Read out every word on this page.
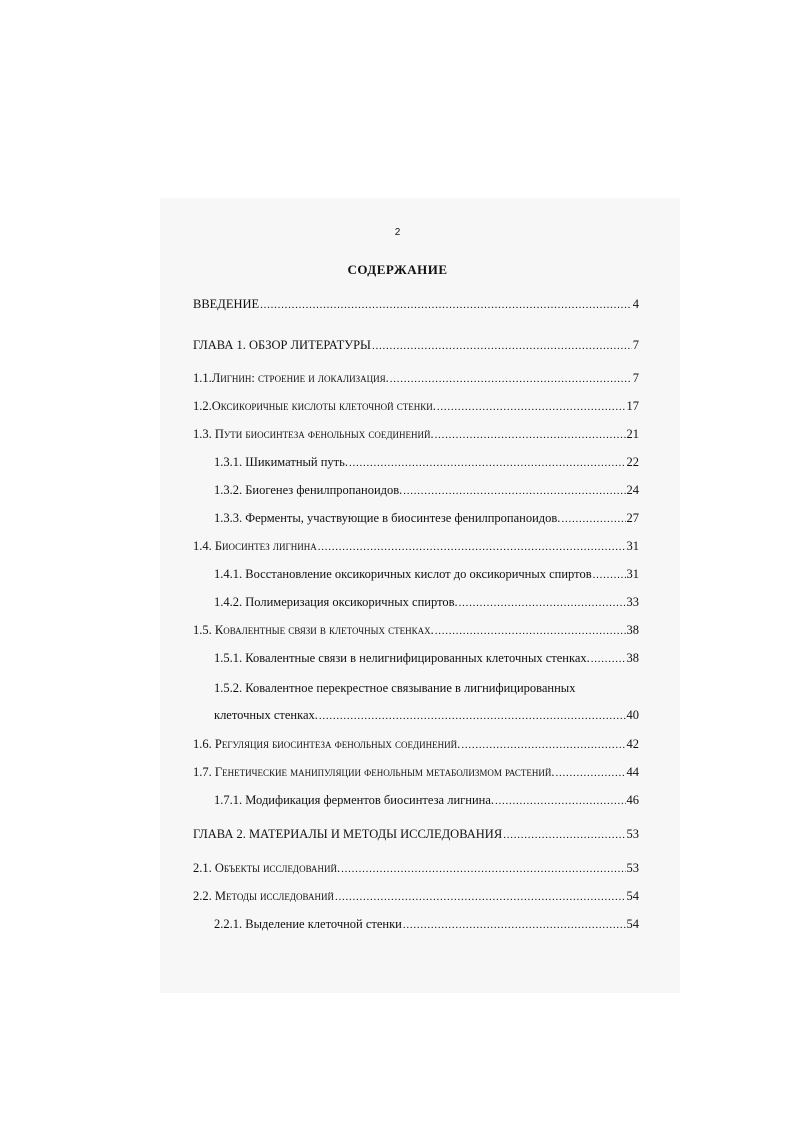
2
СОДЕРЖАНИЕ
ВВЕДЕНИЕ . . .	4
ГЛАВА 1. ОБЗОР ЛИТЕРАТУРЫ . . .	7
1.1.Лигнин: строение и локализация. . . .	7
1.2.Оксикоричные кислоты клеточной стенки. . . .	17
1.3. Пути биосинтеза фенольных соединений. . . .	21
1.3.1. Шикиматный путь. . . .	22
1.3.2. Биогенез фенилпропаноидов. . . .	24
1.3.3. Ферменты, участвующие в биосинтезе фенилпропаноидов. . . .	27
1.4. Биосинтез лигнина . . .	31
1.4.1. Восстановление оксикоричных кислот до оксикоричных спиртов . . .	31
1.4.2. Полимеризация оксикоричных спиртов. . . .	33
1.5. Ковалентные связи в клеточных стенках. . . .	38
1.5.1. Ковалентные связи в нелигнифицированных клеточных стенках. . . .	38
1.5.2. Ковалентное перекрестное связывание в лигнифицированных
клеточных стенках. . . .	40
1.6. Регуляция биосинтеза фенольных соединений. . . .	42
1.7. Генетические манипуляции фенольным метаболизмом растений. . . .	44
1.7.1. Модификация ферментов биосинтеза лигнина. . . .	46
ГЛАВА 2. МАТЕРИАЛЫ И МЕТОДЫ ИССЛЕДОВАНИЯ . . .	53
2.1. Объекты исследований. . . .	53
2.2. Методы исследований . . .	54
2.2.1. Выделение клеточной стенки . . .	54
